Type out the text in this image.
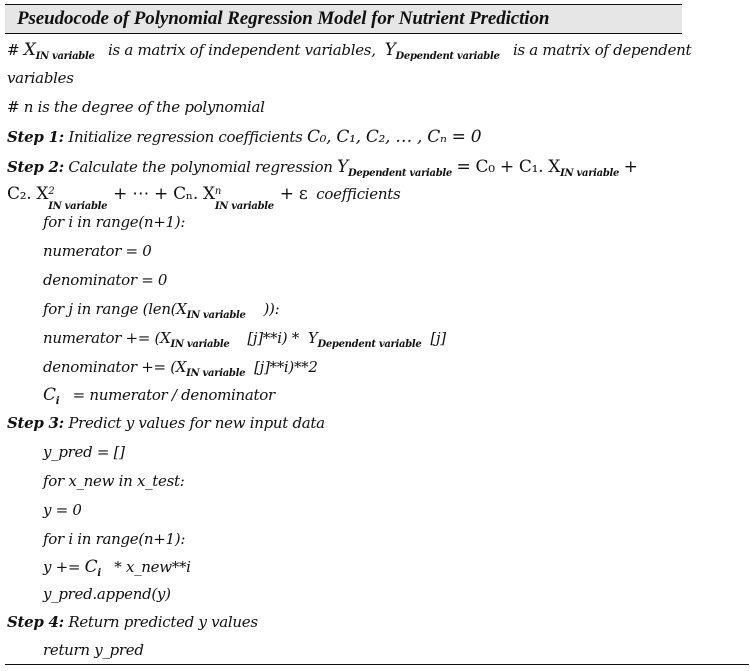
Pseudocode of Polynomial Regression Model for Nutrient Prediction
# $X_{IN variable}$ is a matrix of independent variables, $Y_{Dependent variable}$ is a matrix of dependent
variables
# n is the degree of the polynomial
Step 1: Initialize regression coefficients C₀, C₁, C₂, … , Cₙ = 0
Step 2: Calculate the polynomial regression $Y_{Dependent variable} = C_0 + C_1$. $X_{IN variable}$ +
C₂. X 2
IN variable
+ ⋯ + Cₙ. X n
IN variable
+ ε coefficients
for i in range(n+1):
numerator = 0
denominator = 0
for j in range ($len(X_{IN variable}$ )):
numerator += ($X_{IN variable}$ $[j]**i) * Y_{Dependent variable}$ [j]
denominator += ($X_{IN variable}$ [j]**i)**2
$C_i$ = numerator / denominator
Step 3: Predict y values for new input data
y_pred = []
for x_new in x_test:
y = 0
for i in range(n+1):
$y += C_i$ * x_new**i
y_pred.append(y)
Step 4: Return predicted y values
return y_pred
